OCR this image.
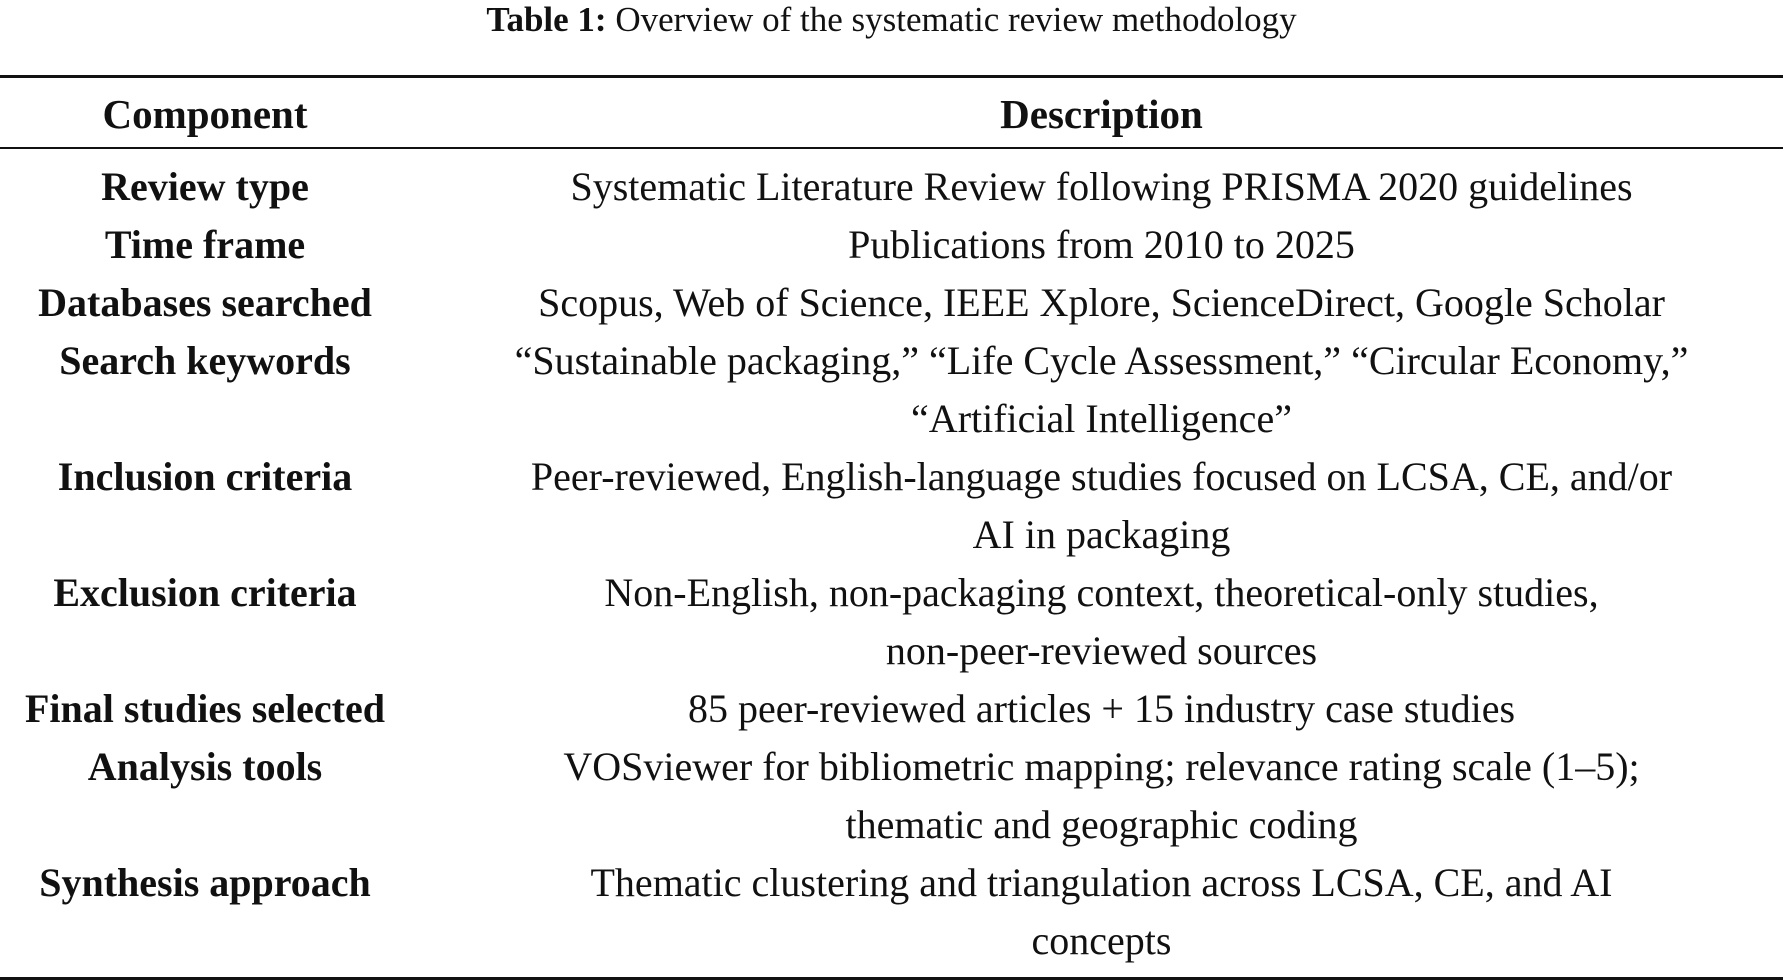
Table 1: Overview of the systematic review methodology
Component	Description
Review type	Systematic Literature Review following PRISMA 2020 guidelines
Time frame	Publications from 2010 to 2025
Databases searched	Scopus, Web of Science, IEEE Xplore, ScienceDirect, Google Scholar
Search keywords	“Sustainable packaging,” “Life Cycle Assessment,” “Circular Economy,”
“Artificial Intelligence”
Inclusion criteria	Peer-reviewed, English-language studies focused on LCSA, CE, and/or
AI in packaging
Exclusion criteria	Non-English, non-packaging context, theoretical-only studies,
non-peer-reviewed sources
Final studies selected	85 peer-reviewed articles + 15 industry case studies
Analysis tools	VOSviewer for bibliometric mapping; relevance rating scale (1–5);
thematic and geographic coding
Synthesis approach	Thematic clustering and triangulation across LCSA, CE, and AI
concepts
